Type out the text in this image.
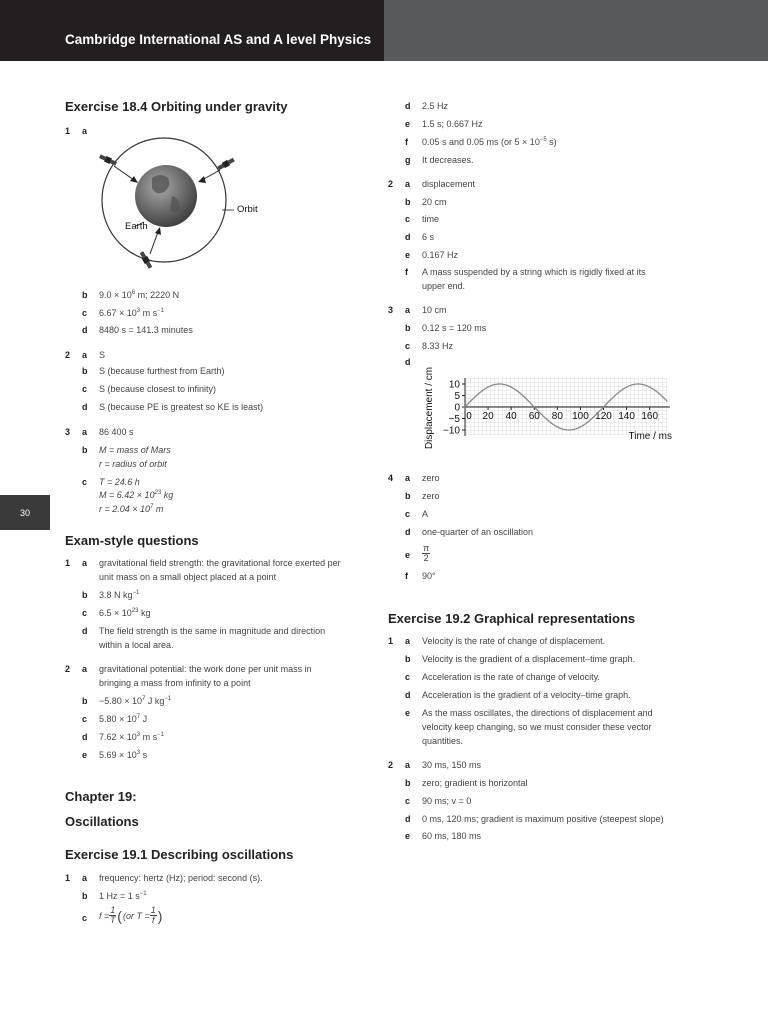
Cambridge International AS and A level Physics
30
Exercise 18.4 Orbiting under gravity
1 a
Orbit
Earth
b $9.0 \times 10^6$ m; 2220 N
c $6.67 \times 10^3$ m $s^{-1}$
d 8480 s = 141.3 minutes
2 a S
b S (because furthest from Earth)
c S (because closest to infinity)
d S (because PE is greatest so KE is least)
3 a 86 400 s
b M = mass of Mars
r = radius of orbit
c T = 24.6 h
$M = 6.42 \times 10^{23}$ kg
$r = 2.04 \times 10^7$ m
Exam-style questions
1 a gravitational field strength: the gravitational force exerted per
unit mass on a small object placed at a point
b 3.8 N $kg^{-1}$
c $6.5 \times 10^{23}$ kg
d The field strength is the same in magnitude and direction
within a local area.
2 a gravitational potential: the work done per unit mass in
bringing a mass from infinity to a point
$b -5.80 \times 10^7$ J $kg^{-1}$
c $5.80 \times 10^7$ J
d $7.62 \times 10^3$ m $s^{-1}$
e $5.69 \times 10^3$ s
Chapter 19:
Oscillations
Exercise 19.1 Describing oscillations
1 a frequency: hertz (Hz); period: second (s).
b 1 Hz = 1 $s^{-1}$
c $f = \frac{1}{T}$ ( (or $T = \frac{1}{f}$ )
d 2.5 Hz
e 1.5 s; 0.667 Hz
f 0.05 s and 0.05 ms (or $5 \times 10^{-5}$ s)
g It decreases.
2 a displacement
b 20 cm
c time
d 6 s
e 0.167 Hz
f A mass suspended by a string which is rigidly fixed at its
upper end.
3 a 10 cm
b 0.12 s = 120 ms
c 8.33 Hz
d
10
5
0
−5
−10
0 20 40 60 80 100 120 140 160
Time / ms
Displacement / cm
4 a zero
b zero
c A
d one-quarter of an oscillation
e $\frac{\pi}{2}$
f 90°
Exercise 19.2 Graphical representations
1 a Velocity is the rate of change of displacement.
b Velocity is the gradient of a displacement–time graph.
c Acceleration is the rate of change of velocity.
d Acceleration is the gradient of a velocity–time graph.
e As the mass oscillates, the directions of displacement and
velocity keep changing, so we must consider these vector
quantities.
2 a 30 ms, 150 ms
b zero; gradient is horizontal
c 90 ms; v = 0
d 0 ms, 120 ms; gradient is maximum positive (steepest slope)
e 60 ms, 180 ms
